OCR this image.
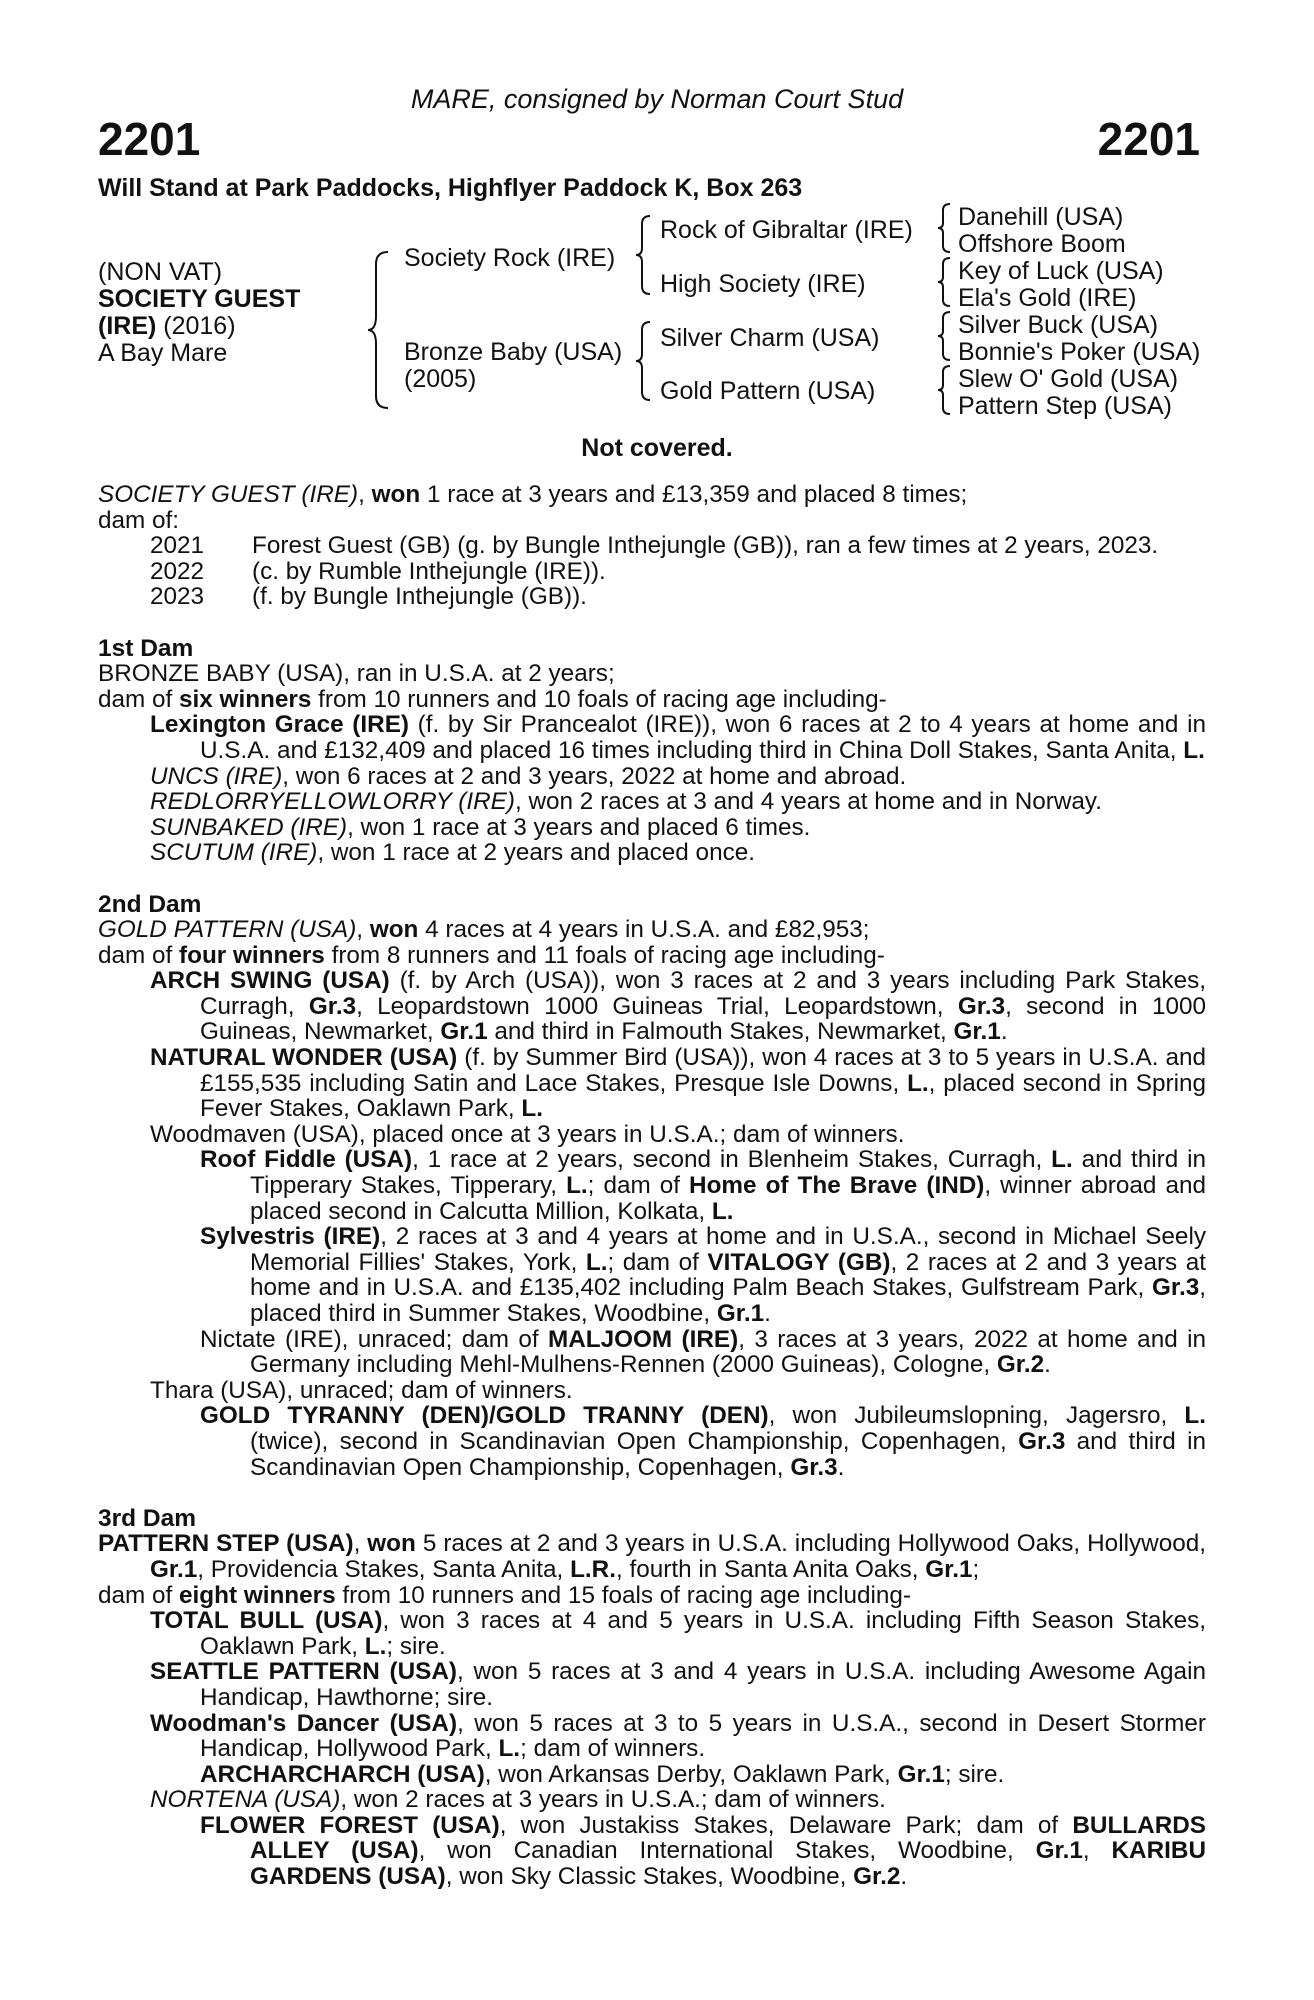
MARE, consigned by Norman Court Stud
2201	2201
Will Stand at Park Paddocks, Highflyer Paddock K, Box 263
(NON VAT)
SOCIETY GUEST
(IRE) (2016)
A Bay Mare
Society Rock (IRE)
Bronze Baby (USA)
(2005)
Rock of Gibraltar (IRE)
High Society (IRE)
Silver Charm (USA)
Gold Pattern (USA)
Danehill (USA)
Offshore Boom
Key of Luck (USA)
Ela's Gold (IRE)
Silver Buck (USA)
Bonnie's Poker (USA)
Slew O' Gold (USA)
Pattern Step (USA)
Not covered.

SOCIETY GUEST (IRE), won 1 race at 3 years and £13,359 and placed 8 times;

dam of:

2021	Forest Guest (GB) (g. by Bungle Inthejungle (GB)), ran a few times at 2 years, 2023.
2022	(c. by Rumble Inthejungle (IRE)).
2023	(f. by Bungle Inthejungle (GB)).

1st Dam

BRONZE BABY (USA), ran in U.S.A. at 2 years;

dam of six winners from 10 runners and 10 foals of racing age including-

Lexington Grace (IRE) (f. by Sir Prancealot (IRE)), won 6 races at 2 to 4 years at home and in U.S.A. and £132,409 and placed 16 times including third in China Doll Stakes, Santa Anita, L.

UNCS (IRE), won 6 races at 2 and 3 years, 2022 at home and abroad.

REDLORRYELLOWLORRY (IRE), won 2 races at 3 and 4 years at home and in Norway.

SUNBAKED (IRE), won 1 race at 3 years and placed 6 times.

SCUTUM (IRE), won 1 race at 2 years and placed once.

2nd Dam

GOLD PATTERN (USA), won 4 races at 4 years in U.S.A. and £82,953;

dam of four winners from 8 runners and 11 foals of racing age including-

ARCH SWING (USA) (f. by Arch (USA)), won 3 races at 2 and 3 years including Park Stakes, Curragh, Gr.3, Leopardstown 1000 Guineas Trial, Leopardstown, Gr.3, second in 1000 Guineas, Newmarket, Gr.1 and third in Falmouth Stakes, Newmarket, Gr.1.

NATURAL WONDER (USA) (f. by Summer Bird (USA)), won 4 races at 3 to 5 years in U.S.A. and £155,535 including Satin and Lace Stakes, Presque Isle Downs, L., placed second in Spring Fever Stakes, Oaklawn Park, L.

Woodmaven (USA), placed once at 3 years in U.S.A.; dam of winners.

Roof Fiddle (USA), 1 race at 2 years, second in Blenheim Stakes, Curragh, L. and third in Tipperary Stakes, Tipperary, L.; dam of Home of The Brave (IND), winner abroad and placed second in Calcutta Million, Kolkata, L.

Sylvestris (IRE), 2 races at 3 and 4 years at home and in U.S.A., second in Michael Seely Memorial Fillies' Stakes, York, L.; dam of VITALOGY (GB), 2 races at 2 and 3 years at home and in U.S.A. and £135,402 including Palm Beach Stakes, Gulfstream Park, Gr.3, placed third in Summer Stakes, Woodbine, Gr.1.

Nictate (IRE), unraced; dam of MALJOOM (IRE), 3 races at 3 years, 2022 at home and in Germany including Mehl-Mulhens-Rennen (2000 Guineas), Cologne, Gr.2.

Thara (USA), unraced; dam of winners.

GOLD TYRANNY (DEN)/GOLD TRANNY (DEN), won Jubileumslopning, Jagersro, L. (twice), second in Scandinavian Open Championship, Copenhagen, Gr.3 and third in Scandinavian Open Championship, Copenhagen, Gr.3.

3rd Dam

PATTERN STEP (USA), won 5 races at 2 and 3 years in U.S.A. including Hollywood Oaks, Hollywood, Gr.1, Providencia Stakes, Santa Anita, L.R., fourth in Santa Anita Oaks, Gr.1;

dam of eight winners from 10 runners and 15 foals of racing age including-

TOTAL BULL (USA), won 3 races at 4 and 5 years in U.S.A. including Fifth Season Stakes, Oaklawn Park, L.; sire.

SEATTLE PATTERN (USA), won 5 races at 3 and 4 years in U.S.A. including Awesome Again Handicap, Hawthorne; sire.

Woodman's Dancer (USA), won 5 races at 3 to 5 years in U.S.A., second in Desert Stormer Handicap, Hollywood Park, L.; dam of winners.

ARCHARCHARCH (USA), won Arkansas Derby, Oaklawn Park, Gr.1; sire.

NORTENA (USA), won 2 races at 3 years in U.S.A.; dam of winners.

FLOWER FOREST (USA), won Justakiss Stakes, Delaware Park; dam of BULLARDS ALLEY (USA), won Canadian International Stakes, Woodbine, Gr.1, KARIBU GARDENS (USA), won Sky Classic Stakes, Woodbine, Gr.2.
